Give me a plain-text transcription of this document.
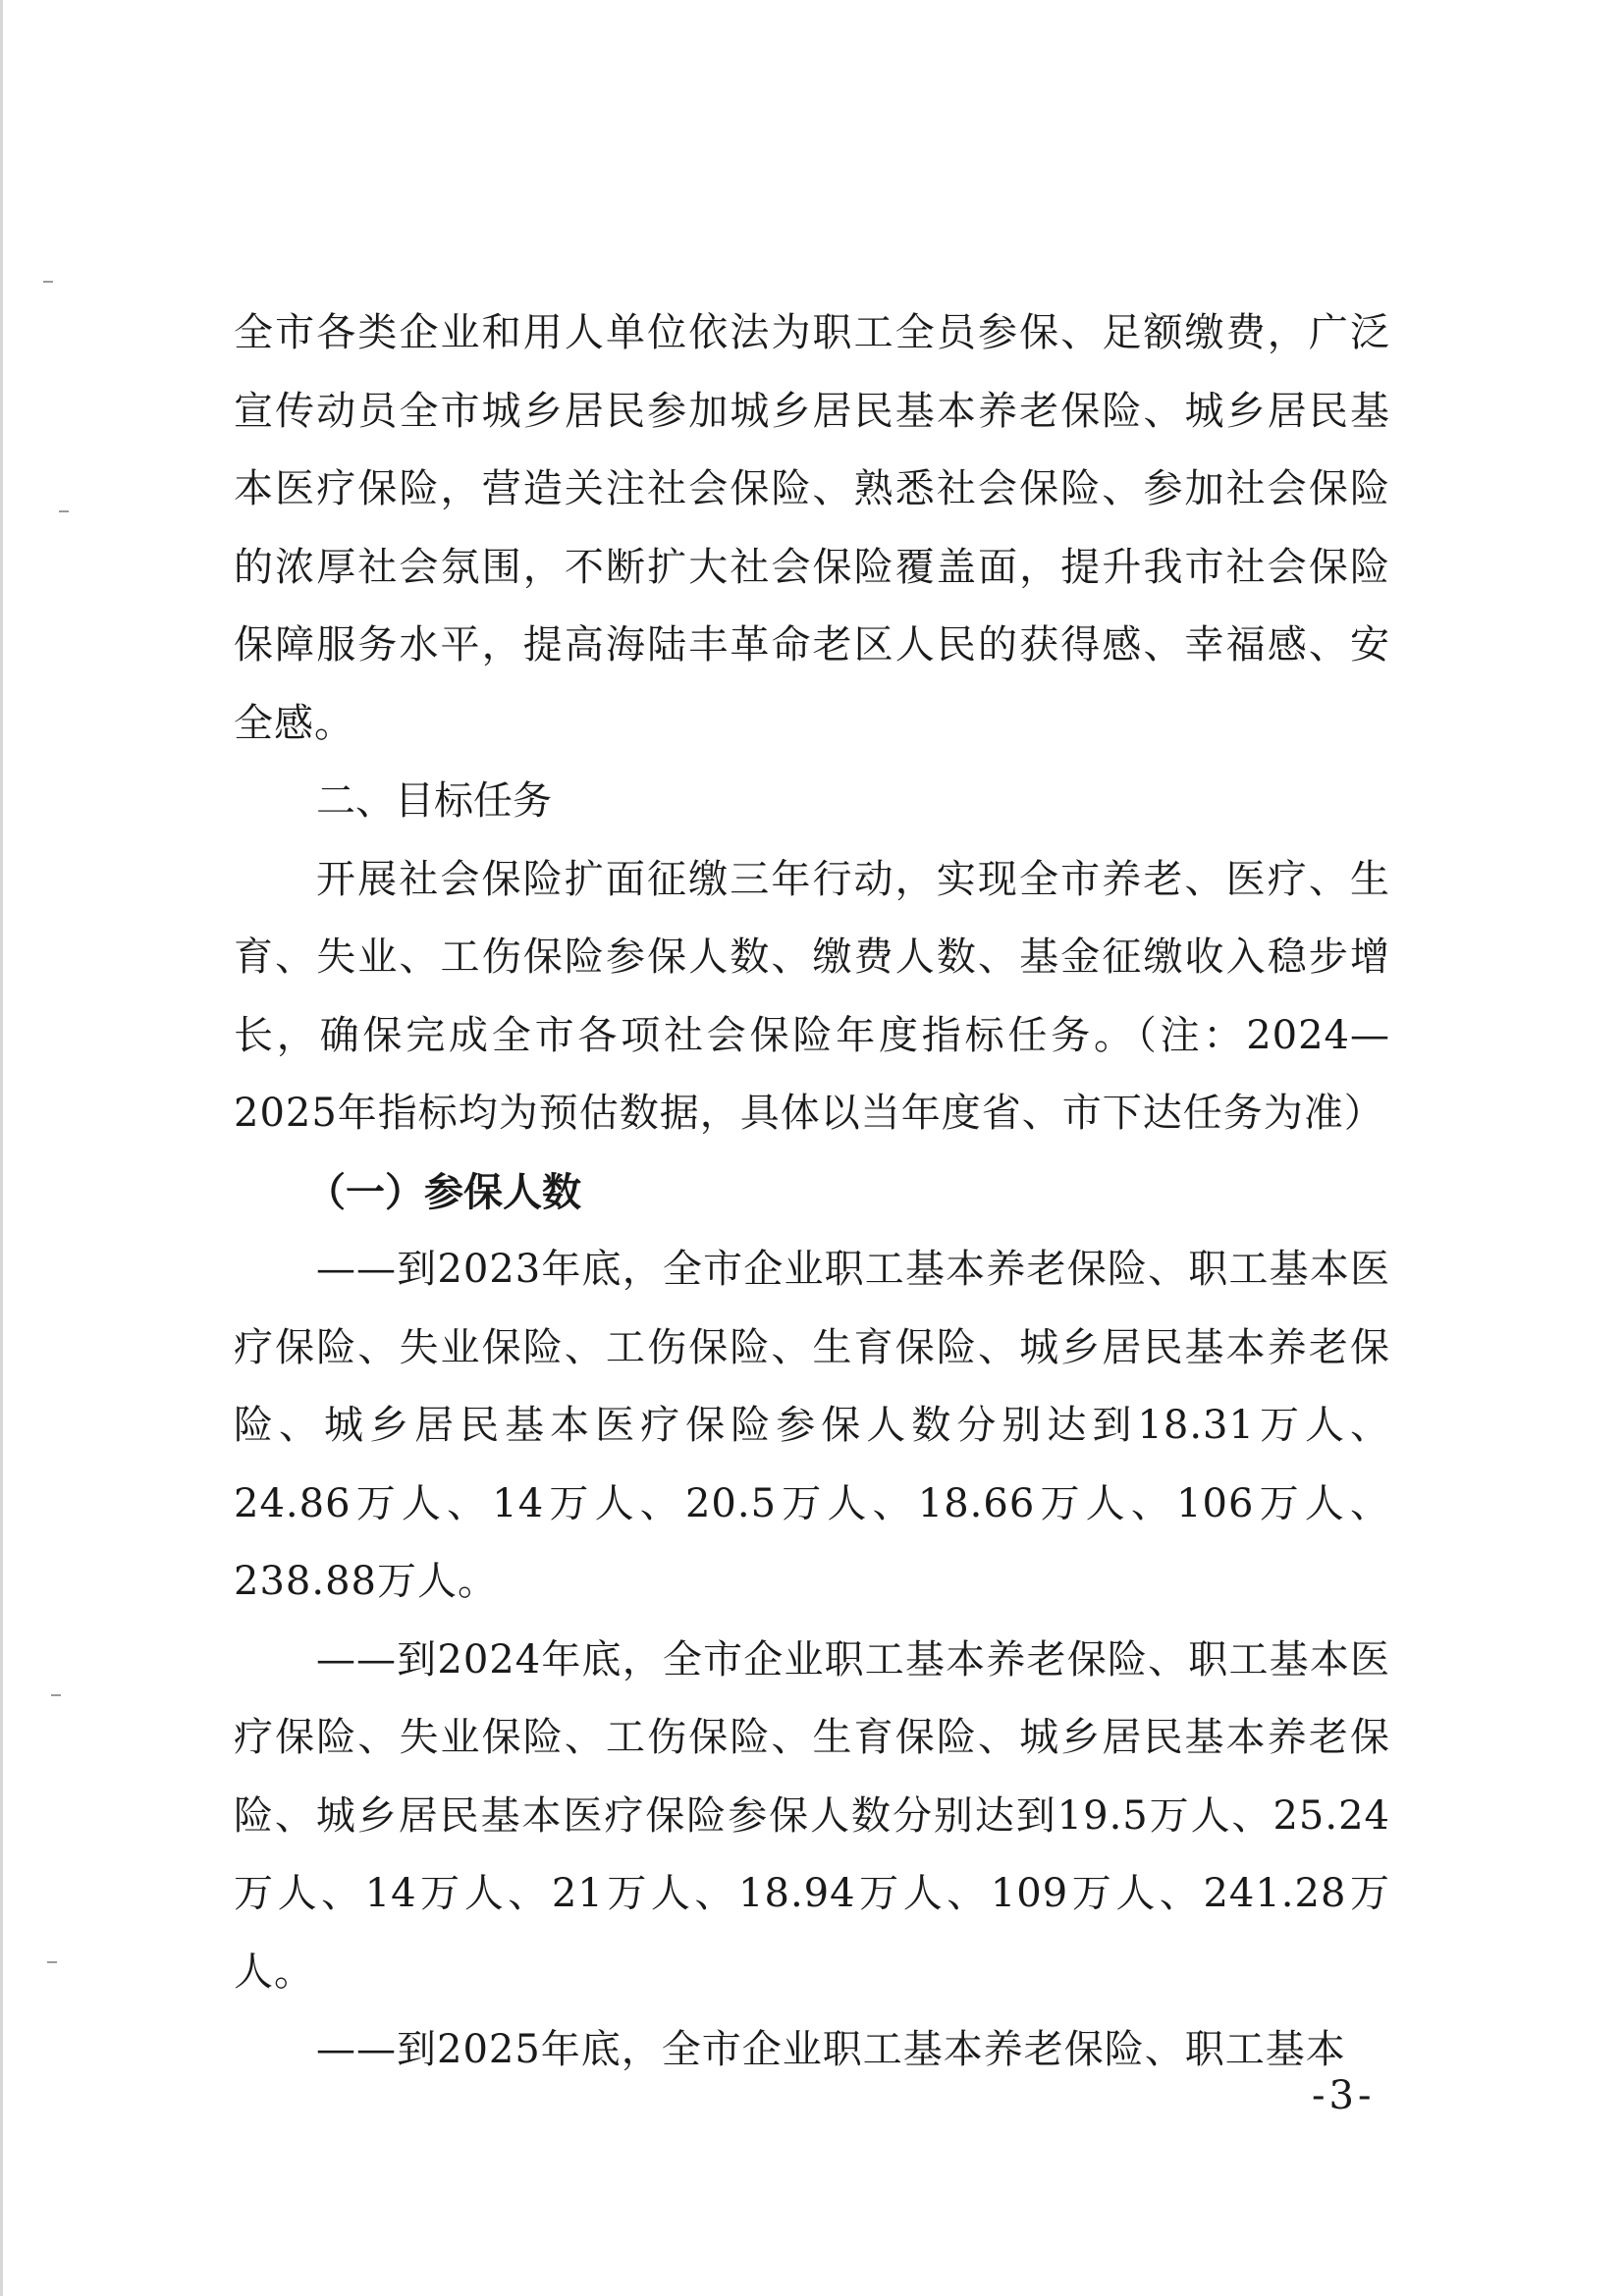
全市各类企业和用人单位依法为职工全员参保、足额缴费，广泛宣传动员全市城乡居民参加城乡居民基本养老保险、城乡居民基本医疗保险，营造关注社会保险、熟悉社会保险、参加社会保险的浓厚社会氛围，不断扩大社会保险覆盖面，提升我市社会保险保障服务水平，提高海陆丰革命老区人民的获得感、幸福感、安全感。

二、目标任务

开展社会保险扩面征缴三年行动，实现全市养老、医疗、生育、失业、工伤保险参保人数、缴费人数、基金征缴收入稳步增长，确保完成全市各项社会保险年度指标任务。（注：2024—2025年指标均为预估数据，具体以当年度省、市下达任务为准）

（一）参保人数

——到2023年底，全市企业职工基本养老保险、职工基本医疗保险、失业保险、工伤保险、生育保险、城乡居民基本养老保险、城乡居民基本医疗保险参保人数分别达到18.31万人、24.86万人、14万人、20.5万人、18.66万人、106万人、238.88万人。

——到2024年底，全市企业职工基本养老保险、职工基本医疗保险、失业保险、工伤保险、生育保险、城乡居民基本养老保险、城乡居民基本医疗保险参保人数分别达到19.5万人、25.24万人、14万人、21万人、18.94万人、109万人、241.28万人。

——到2025年底，全市企业职工基本养老保险、职工基本

-3-
